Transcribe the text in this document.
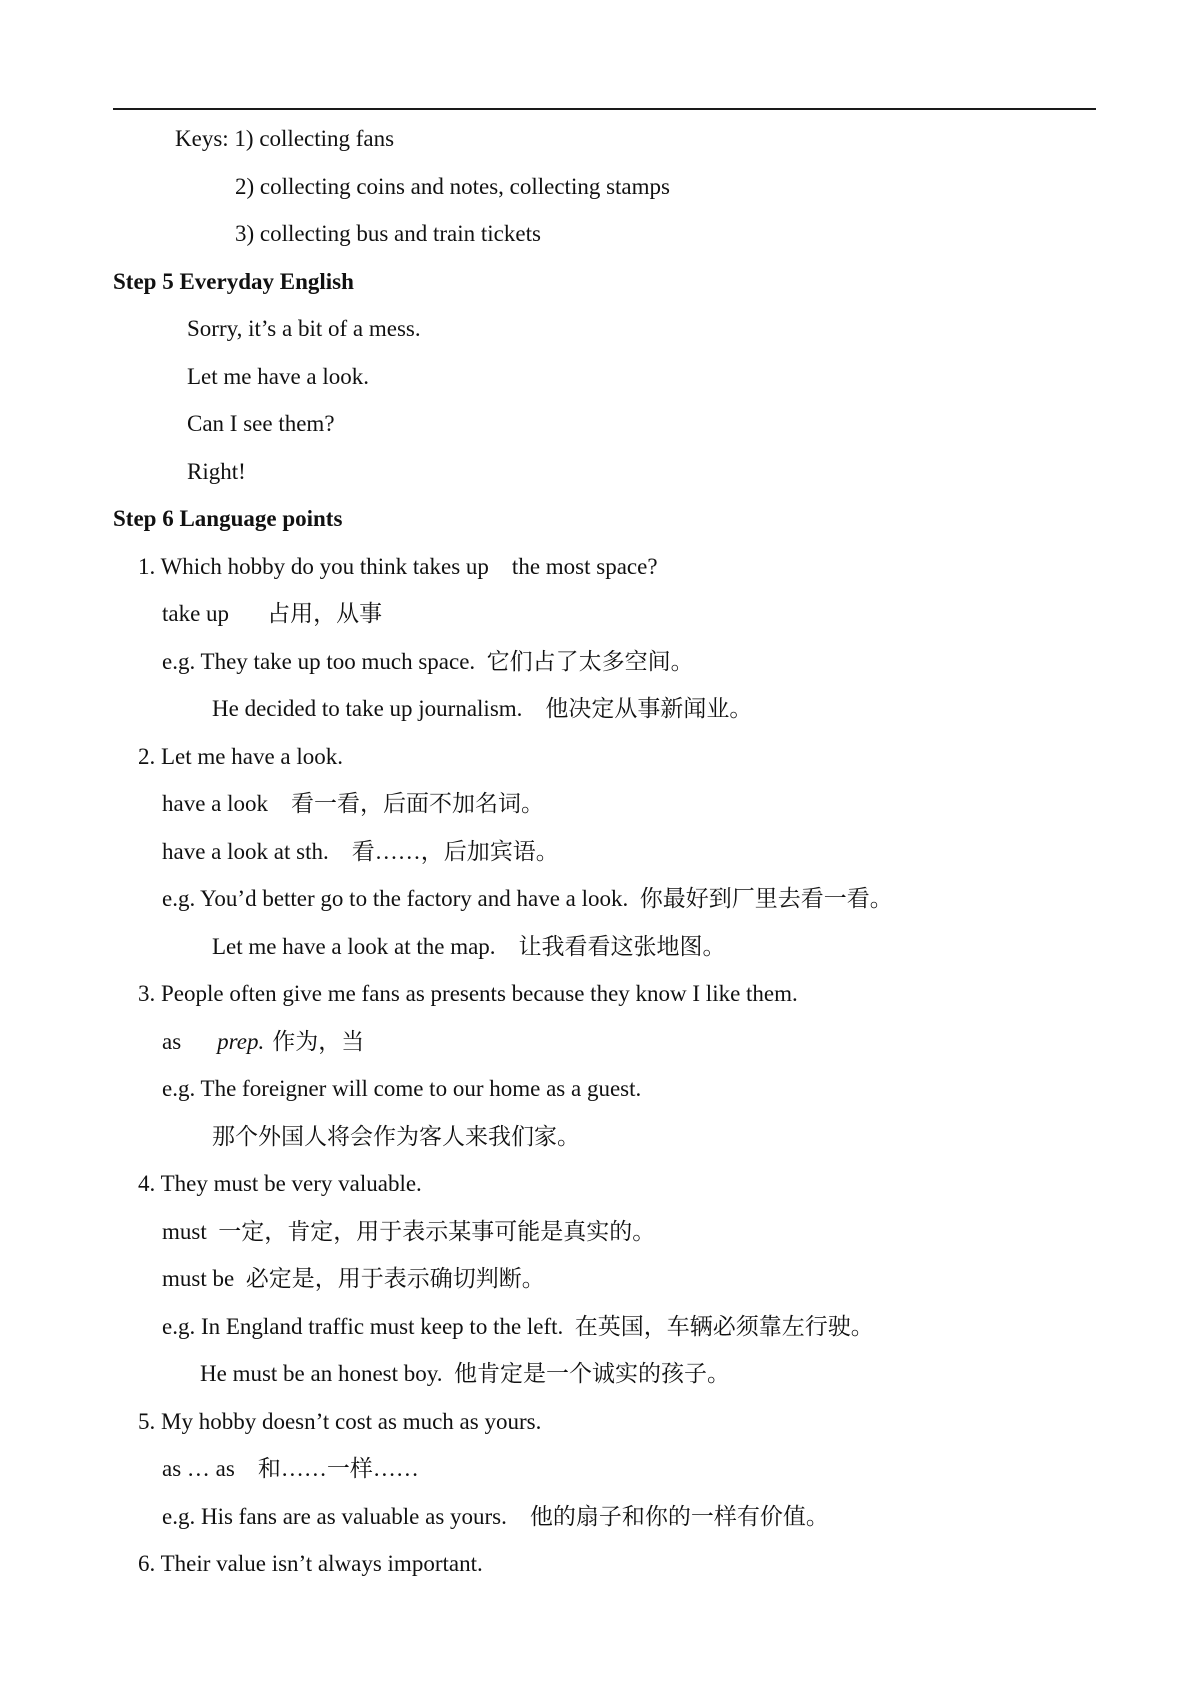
Keys: 1) collecting fans
2) collecting coins and notes, collecting stamps
3) collecting bus and train tickets
Step 5 Everyday English
Sorry, it’s a bit of a mess.
Let me have a look.
Can I see them?
Right!
Step 6 Language points
1. Which hobby do you think takes up    the most space?
take up 占用，从事
e.g. They take up too much space.  它们占了太多空间。
He decided to take up journalism.    他决定从事新闻业。
2. Let me have a look.
have a look    看一看，后面不加名词。
have a look at sth.    看……，后加宾语。
e.g. You’d better go to the factory and have a look.  你最好到厂里去看一看。
Let me have a look at the map.    让我看看这张地图。
3. People often give me fans as presents because they know I like them.
as prep. 作为，当
e.g. The foreigner will come to our home as a guest.
那个外国人将会作为客人来我们家。
4. They must be very valuable.
must  一定，肯定，用于表示某事可能是真实的。
must be  必定是，用于表示确切判断。
e.g. In England traffic must keep to the left.  在英国，车辆必须靠左行驶。
He must be an honest boy.  他肯定是一个诚实的孩子。
5. My hobby doesn’t cost as much as yours.
as … as    和……一样……
e.g. His fans are as valuable as yours.    他的扇子和你的一样有价值。
6. Their value isn’t always important.
